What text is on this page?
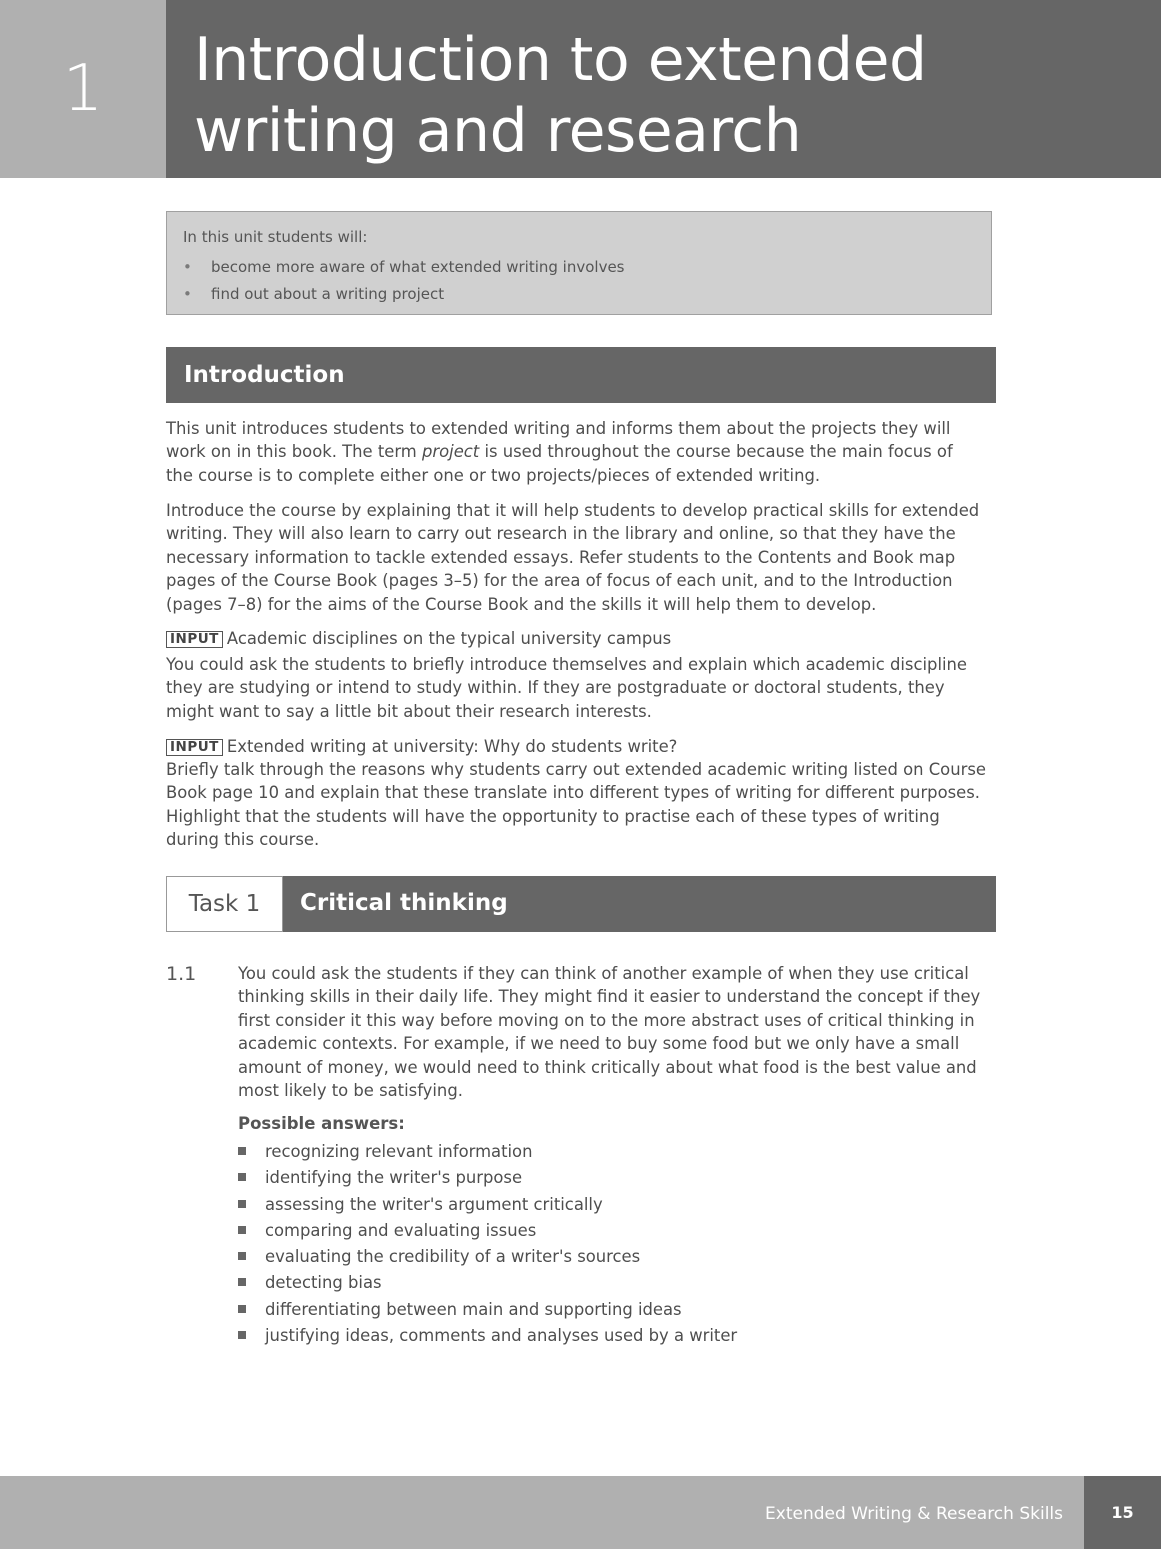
1	Introduction to extended
writing and research
In this unit students will:
• become more aware of what extended writing involves
• find out about a writing project
Introduction

This unit introduces students to extended writing and informs them about the projects they will

work on in this book. The term project is used throughout the course because the main focus of

the course is to complete either one or two projects/pieces of extended writing.

Introduce the course by explaining that it will help students to develop practical skills for extended

writing. They will also learn to carry out research in the library and online, so that they have the

necessary information to tackle extended essays. Refer students to the Contents and Book map

pages of the Course Book (pages 3–5) for the area of focus of each unit, and to the Introduction

(pages 7–8) for the aims of the Course Book and the skills it will help them to develop.

INPUT Academic disciplines on the typical university campus

You could ask the students to briefly introduce themselves and explain which academic discipline

they are studying or intend to study within. If they are postgraduate or doctoral students, they

might want to say a little bit about their research interests.

INPUT Extended writing at university: Why do students write?

Briefly talk through the reasons why students carry out extended academic writing listed on Course

Book page 10 and explain that these translate into different types of writing for different purposes.

Highlight that the students will have the opportunity to practise each of these types of writing

during this course.

Task 1	Critical thinking
1.1	You could ask the students if they can think of another example of when they use critical

thinking skills in their daily life. They might find it easier to understand the concept if they

first consider it this way before moving on to the more abstract uses of critical thinking in

academic contexts. For example, if we need to buy some food but we only have a small

amount of money, we would need to think critically about what food is the best value and

most likely to be satisfying.

Possible answers:
recognizing relevant information
identifying the writer's purpose
assessing the writer's argument critically
comparing and evaluating issues
evaluating the credibility of a writer's sources
detecting bias
differentiating between main and supporting ideas
justifying ideas, comments and analyses used by a writer
Extended Writing & Research Skills	15
